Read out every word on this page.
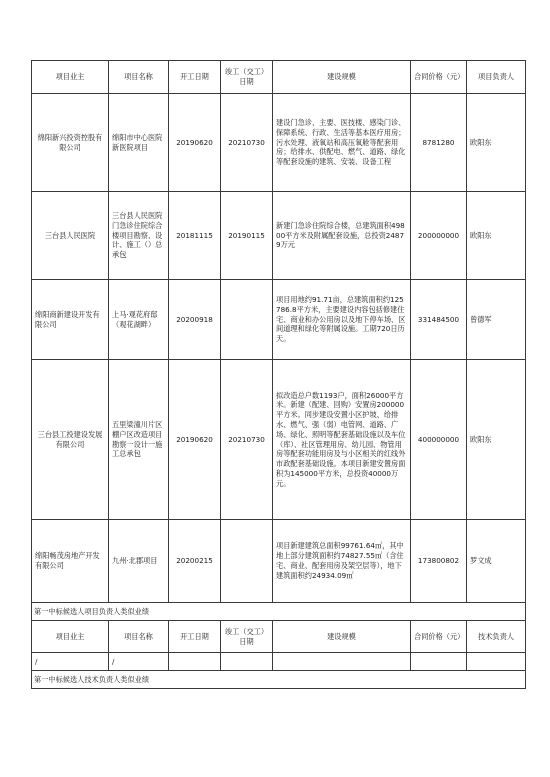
项目业主	项目名称	开工日期	竣工（交工）日期	建设规模	合同价格（元）	项目负责人
绵阳新兴投资控股有限公司	绵阳市中心医院新医院项目	20190620	20210730	建设门急诊、主要、医技楼、感染门诊、保障系统、行政、生活等基本医疗用房；污水处理、液氧站和高压氧舱等配套用房；给排水、供配电、燃气、道路、绿化等配套设施的建筑、安装、设备工程	8781280	欧阳东
三台县人民医院	三台县人民医院门急诊住院综合楼项目勘察、设计、施工（）总承包	20181115	20190115	新建门急诊住院综合楼，总建筑面积49800平方米及附属配套设施，总投资24879万元	200000000	欧阳东
绵阳商新建设开发有限公司	上马·观花府邸（观花湖畔）	20200918		项目用地约91.71亩，总建筑面积约125786.8平方米，主要建设内容包括修建住宅、商业和办公用房以及地下停车场、区间道理和绿化等附属设施。工期720日历天。	331484500	曾德军
三台县工投建设发展有限公司	五里梁潼川片区棚户区改造项目勘察一设计一施工总承包	20190620	20210730	拟改造总户数1193户，面积26000平方米。新建（配建、回购）安置房200000平方米。同步建设安置小区护坡、给排水、燃气、强（弱）电管网、道路、广场、绿化、照明等配套基础设施以及车位（库）、社区管理用房、幼儿园、物管用房等配套功能用房及与小区相关的红线外市政配套基础设施。本项目新建安置房面积为145000平方米，总投资40000万元。	400000000	欧阳东
绵阳畅茂房地产开发有限公司	九州·北郡项目	20200215		项目新建建筑总面积99761.64㎡，其中地上部分建筑面积约74827.55㎡（含住宅、商业、配套用房及架空层等），地下建筑面积约24934.09㎡	173800802	罗文成
第一中标候选人项目负责人类似业绩						
项目业主	项目名称	开工日期	竣工（交工）日期	建设规模	合同价格（元）	技术负责人
/	/					
第一中标候选人技术负责人类似业绩						
